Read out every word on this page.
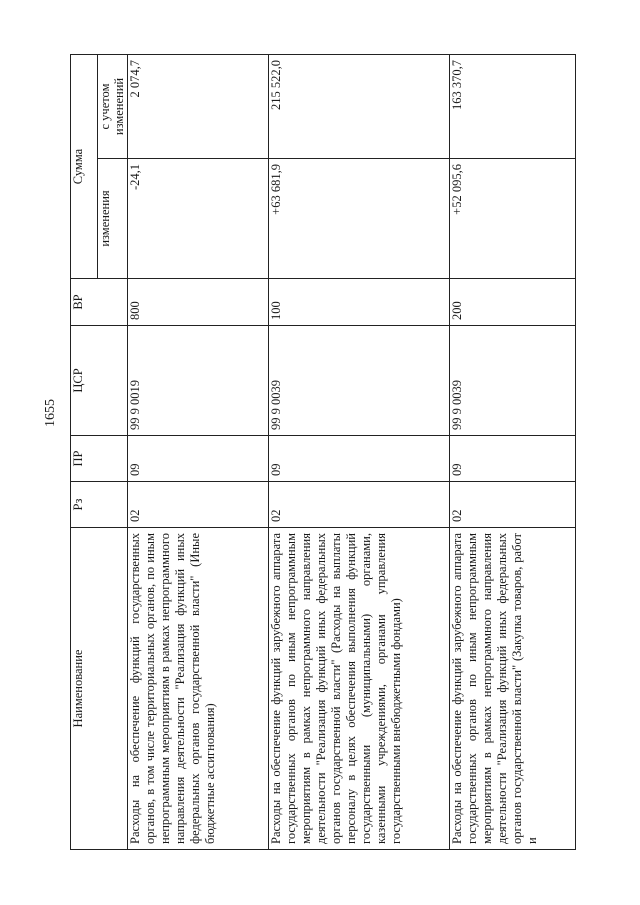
1655
Наименование	Рз	ПР	ЦСР	ВР	Сумма	
					изменения	с учетом изменений
Расходы на обеспечение функций государственных органов, в том числе территориальных органов, по иным непрограммным мероприятиям в рамках непрограммного направления деятельности "Реализация функций иных федеральных органов государственной власти" (Иные бюджетные ассигнования)	02	09	99 9 0019	800	-24,1	2 074,7
Расходы на обеспечение функций зарубежного аппарата государственных органов по иным непрограммным мероприятиям в рамках непрограммного направления деятельности "Реализация функций иных федеральных органов государственной власти" (Расходы на выплаты персоналу в целях обеспечения выполнения функций государственными (муниципальными) органами, казенными учреждениями, органами управления государственными внебюджетными фондами)	02	09	99 9 0039	100	+63 681,9	215 522,0
Расходы на обеспечение функций зарубежного аппарата государственных органов по иным непрограммным мероприятиям в рамках непрограммного направления деятельности "Реализация функций иных федеральных органов государственной власти" (Закупка товаров, работ и	02	09	99 9 0039	200	+52 095,6	163 370,7
